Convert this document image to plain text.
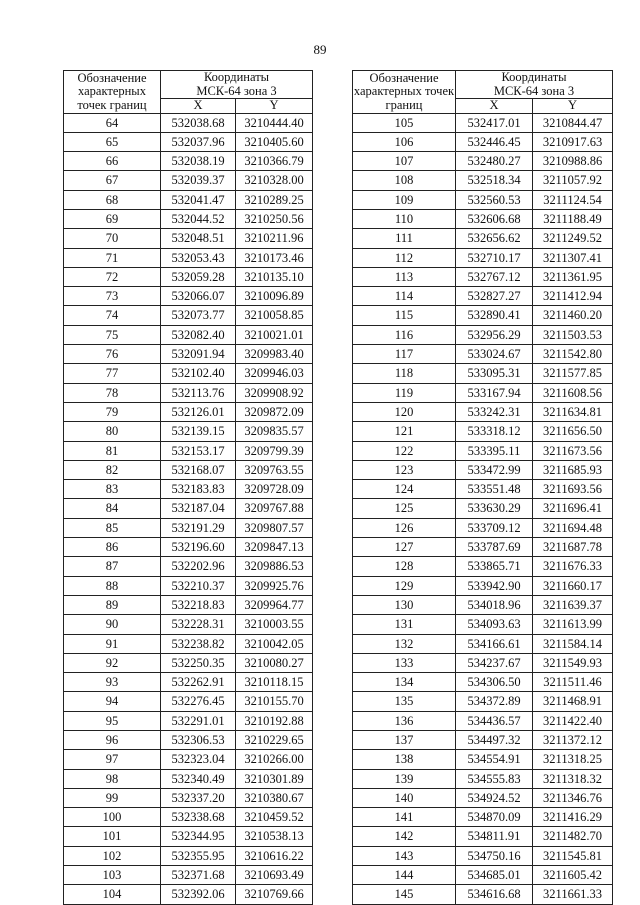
89
Обозначение характерных точек границ	Координаты
МСК-64 зона 3	

	X	Y
64	532038.68	3210444.40
65	532037.96	3210405.60
66	532038.19	3210366.79
67	532039.37	3210328.00
68	532041.47	3210289.25
69	532044.52	3210250.56
70	532048.51	3210211.96
71	532053.43	3210173.46
72	532059.28	3210135.10
73	532066.07	3210096.89
74	532073.77	3210058.85
75	532082.40	3210021.01
76	532091.94	3209983.40
77	532102.40	3209946.03
78	532113.76	3209908.92
79	532126.01	3209872.09
80	532139.15	3209835.57
81	532153.17	3209799.39
82	532168.07	3209763.55
83	532183.83	3209728.09
84	532187.04	3209767.88
85	532191.29	3209807.57
86	532196.60	3209847.13
87	532202.96	3209886.53
88	532210.37	3209925.76
89	532218.83	3209964.77
90	532228.31	3210003.55
91	532238.82	3210042.05
92	532250.35	3210080.27
93	532262.91	3210118.15
94	532276.45	3210155.70
95	532291.01	3210192.88
96	532306.53	3210229.65
97	532323.04	3210266.00
98	532340.49	3210301.89
99	532337.20	3210380.67
100	532338.68	3210459.52
101	532344.95	3210538.13
102	532355.95	3210616.22
103	532371.68	3210693.49
104	532392.06	3210769.66
Обозначение характерных точек границ	Координаты
МСК-64 зона 3	

	X	Y
105	532417.01	3210844.47
106	532446.45	3210917.63
107	532480.27	3210988.86
108	532518.34	3211057.92
109	532560.53	3211124.54
110	532606.68	3211188.49
111	532656.62	3211249.52
112	532710.17	3211307.41
113	532767.12	3211361.95
114	532827.27	3211412.94
115	532890.41	3211460.20
116	532956.29	3211503.53
117	533024.67	3211542.80
118	533095.31	3211577.85
119	533167.94	3211608.56
120	533242.31	3211634.81
121	533318.12	3211656.50
122	533395.11	3211673.56
123	533472.99	3211685.93
124	533551.48	3211693.56
125	533630.29	3211696.41
126	533709.12	3211694.48
127	533787.69	3211687.78
128	533865.71	3211676.33
129	533942.90	3211660.17
130	534018.96	3211639.37
131	534093.63	3211613.99
132	534166.61	3211584.14
133	534237.67	3211549.93
134	534306.50	3211511.46
135	534372.89	3211468.91
136	534436.57	3211422.40
137	534497.32	3211372.12
138	534554.91	3211318.25
139	534555.83	3211318.32
140	534924.52	3211346.76
141	534870.09	3211416.29
142	534811.91	3211482.70
143	534750.16	3211545.81
144	534685.01	3211605.42
145	534616.68	3211661.33
